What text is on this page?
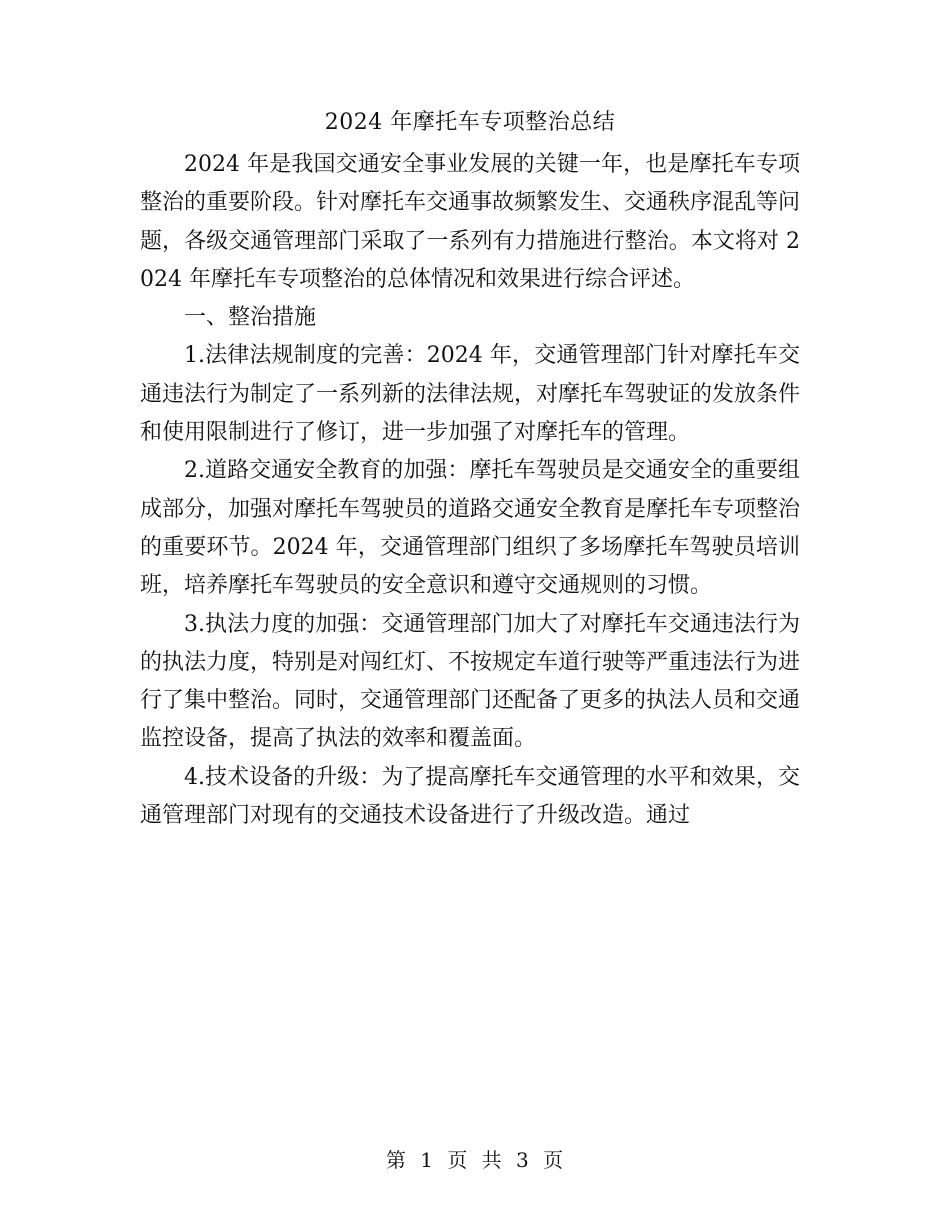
2024 年摩托车专项整治总结

2024 年是我国交通安全事业发展的关键一年，也是摩托车专项整治的重要阶段。针对摩托车交通事故频繁发生、交通秩序混乱等问题，各级交通管理部门采取了一系列有力措施进行整治。本文将对 2024 年摩托车专项整治的总体情况和效果进行综合评述。

一、整治措施

1.法律法规制度的完善：2024 年，交通管理部门针对摩托车交通违法行为制定了一系列新的法律法规，对摩托车驾驶证的发放条件和使用限制进行了修订，进一步加强了对摩托车的管理。

2.道路交通安全教育的加强：摩托车驾驶员是交通安全的重要组成部分，加强对摩托车驾驶员的道路交通安全教育是摩托车专项整治的重要环节。2024 年，交通管理部门组织了多场摩托车驾驶员培训班，培养摩托车驾驶员的安全意识和遵守交通规则的习惯。

3.执法力度的加强：交通管理部门加大了对摩托车交通违法行为的执法力度，特别是对闯红灯、不按规定车道行驶等严重违法行为进行了集中整治。同时，交通管理部门还配备了更多的执法人员和交通监控设备，提高了执法的效率和覆盖面。

4.技术设备的升级：为了提高摩托车交通管理的水平和效果，交通管理部门对现有的交通技术设备进行了升级改造。通过

第 1 页 共 3 页
